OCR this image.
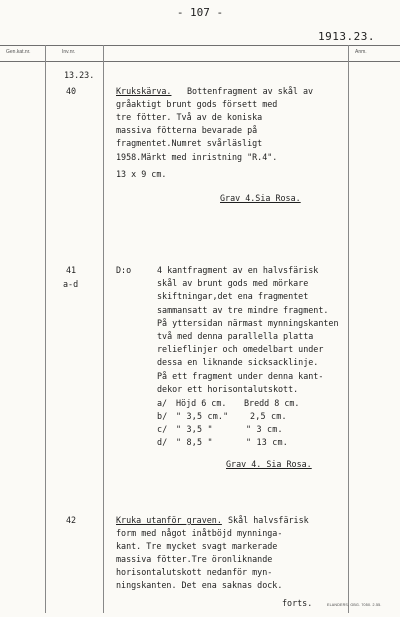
- 107 -
1913.23.
Gen.kat.nr.	Inv.nr.	Anm.
13.23.
40	Krukskärva. Bottenfragment av skål av
gråaktigt brunt gods försett med
tre fötter. Två av de koniska
massiva fötterna bevarade på
fragmentet.Numret svårläsligt
1958.Märkt med inristning "R.4".
13 x 9 cm.
Grav 4.Sia Rosa.
41
a-d
D:o	4 kantfragment av en halvsfärisk
skål av brunt gods med mörkare
skiftningar,det ena fragmentet
sammansatt av tre mindre fragment.
På yttersidan närmast mynningskanten
två med denna parallella platta
relieflinjer och omedelbart under
dessa en liknande sicksacklinje.
På ett fragment under denna kant-
dekor ett horisontalutskott.
a/ Höjd 6 cm. Bredd 8 cm.
b/ " 3,5 cm."	2,5 cm.
c/ " 3,5 "	" 3 cm.
d/ " 8,5 "	" 13 cm.
Grav 4. Sia Rosa.
42	Kruka utanför graven. Skål halvsfärisk
form med något inåtböjd mynninga-
kant. Tre mycket svagt markerade
massiva fötter.Tre öronliknande
horisontalutskott nedanför myn-
ningskanten. Det ena saknas dock.
forts.	ELANDERS, GBG. 7050. 2.55.
